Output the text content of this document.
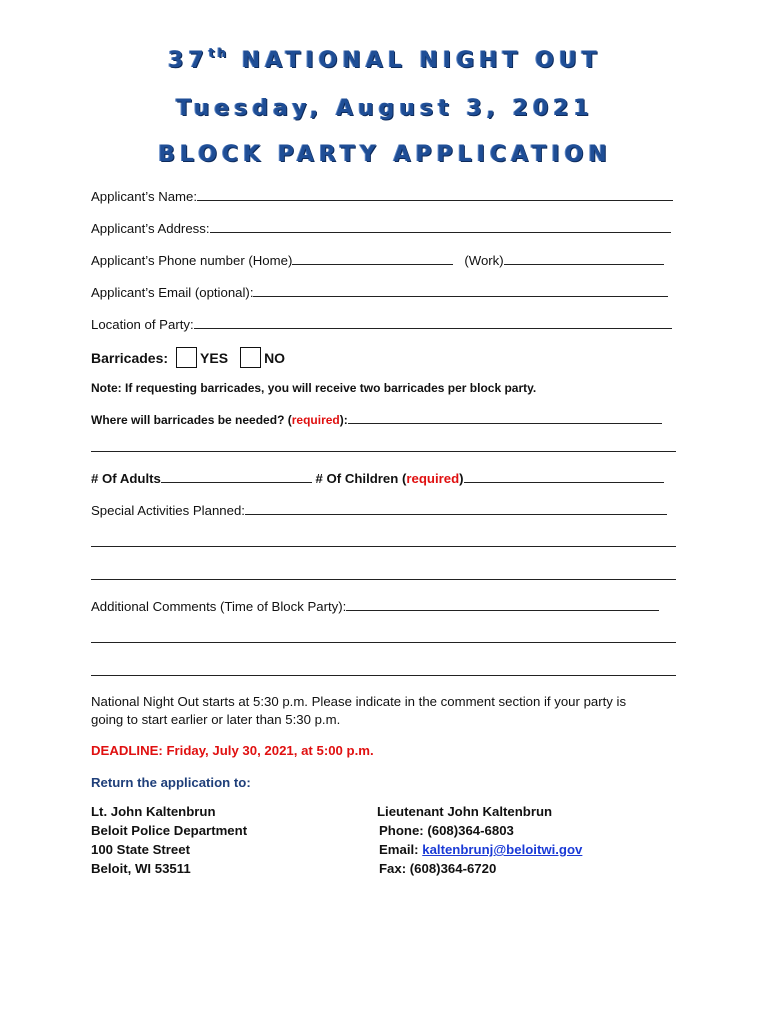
37th NATIONAL NIGHT OUT
Tuesday, August 3, 2021
BLOCK PARTY APPLICATION
Applicant’s Name:
Applicant’s Address:
Applicant’s Phone number (Home)	(Work)
Applicant’s Email (optional):
Location of Party:
Barricades: YES	NO
Note: If requesting barricades, you will receive two barricades per block party.
Where will barricades be needed? (required):
# Of Adults	# Of Children (required)
Special Activities Planned:
Additional Comments (Time of Block Party):
National Night Out starts at 5:30 p.m. Please indicate in the comment section if your party is
going to start earlier or later than 5:30 p.m.
DEADLINE: Friday, July 30, 2021, at 5:00 p.m.
Return the application to:
Lt. John Kaltenbrun
Beloit Police Department
100 State Street
Beloit, WI 53511
Lieutenant John Kaltenbrun
Phone: (608)364-6803
Email: kaltenbrunj@beloitwi.gov
Fax: (608)364-6720
